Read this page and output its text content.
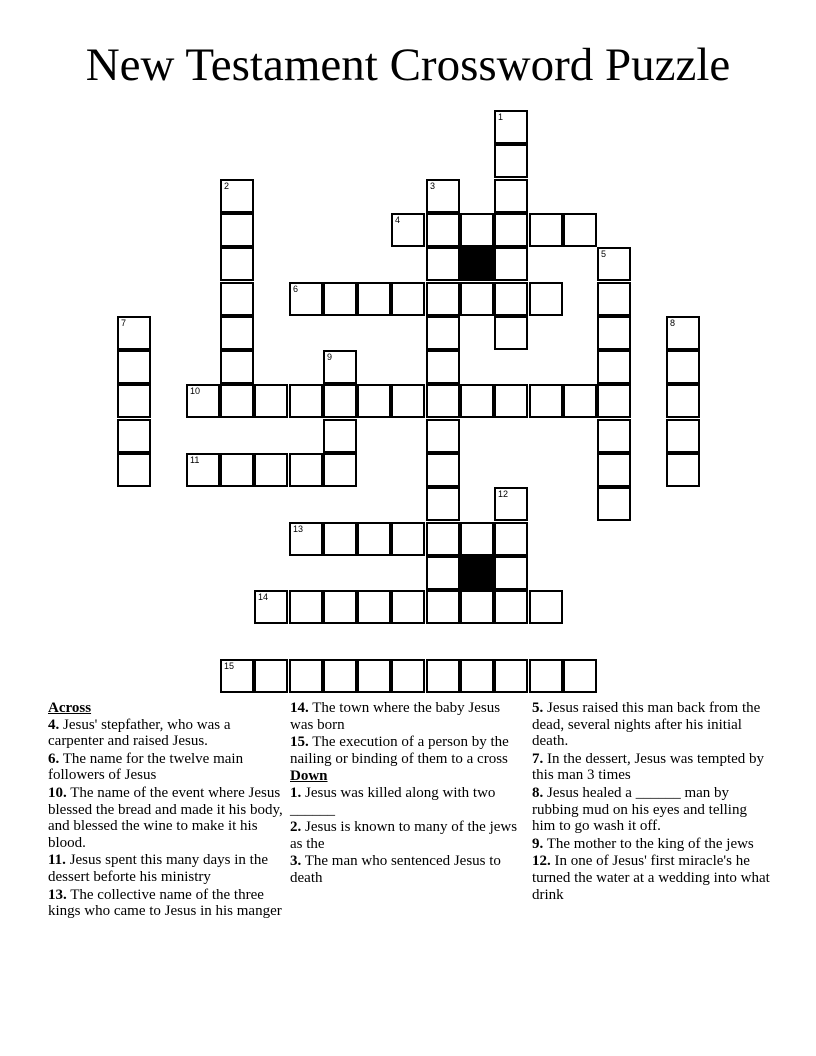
New Testament Crossword Puzzle
4
6
10
11
13
14
15
1
2	3
5
7	8
9
12
Across
4. Jesus' stepfather, who was a carpenter and raised Jesus.
6. The name for the twelve main followers of Jesus
10. The name of the event where Jesus blessed the bread and made it his body, and blessed the wine to make it his blood.
11. Jesus spent this many days in the dessert beforte his ministry
13. The collective name of the three kings who came to Jesus in his manger
14. The town where the baby Jesus was born
15. The execution of a person by the nailing or binding of them to a cross
Down
1. Jesus was killed along with two ______
2. Jesus is known to many of the jews as the
3. The man who sentenced Jesus to death
5. Jesus raised this man back from the dead, several nights after his initial death.
7. In the dessert, Jesus was tempted by this man 3 times
8. Jesus healed a ______ man by rubbing mud on his eyes and telling him to go wash it off.
9. The mother to the king of the jews
12. In one of Jesus' first miracle's he turned the water at a wedding into what drink
